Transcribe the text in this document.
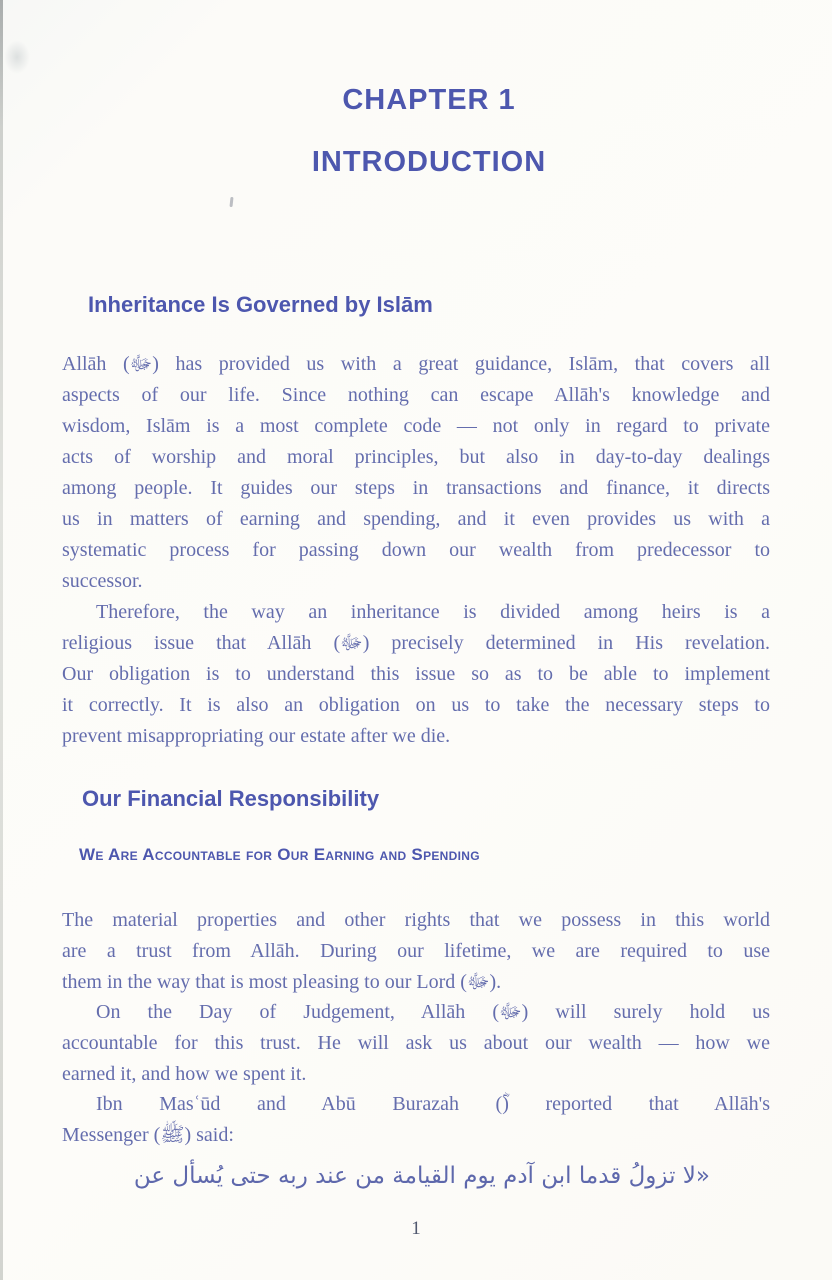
CHAPTER 1
INTRODUCTION
Inheritance Is Governed by Islām
Allāh (ﷻ) has provided us with a great guidance, Islām, that covers all
aspects of our life. Since nothing can escape Allāh's knowledge and
wisdom, Islām is a most complete code — not only in regard to private
acts of worship and moral principles, but also in day-to-day dealings
among people. It guides our steps in transactions and finance, it directs
us in matters of earning and spending, and it even provides us with a
systematic process for passing down our wealth from predecessor to
successor.
Therefore, the way an inheritance is divided among heirs is a
religious issue that Allāh (ﷻ) precisely determined in His revelation.
Our obligation is to understand this issue so as to be able to implement
it correctly. It is also an obligation on us to take the necessary steps to
prevent misappropriating our estate after we die.
Our Financial Responsibility
We Are Accountable for Our Earning and Spending
The material properties and other rights that we possess in this world
are a trust from Allāh. During our lifetime, we are required to use
them in the way that is most pleasing to our Lord (ﷻ).
On the Day of Judgement, Allāh (ﷻ) will surely hold us
accountable for this trust. He will ask us about our wealth — how we
earned it, and how we spent it.
Ibn Masʿūd and Abū Burazah (ؓ) reported that Allāh's
Messenger (ﷺ) said:
«لا تزولُ قدما ابن آدم يوم القيامة من عند ربه حتى يُسأل عن
1
